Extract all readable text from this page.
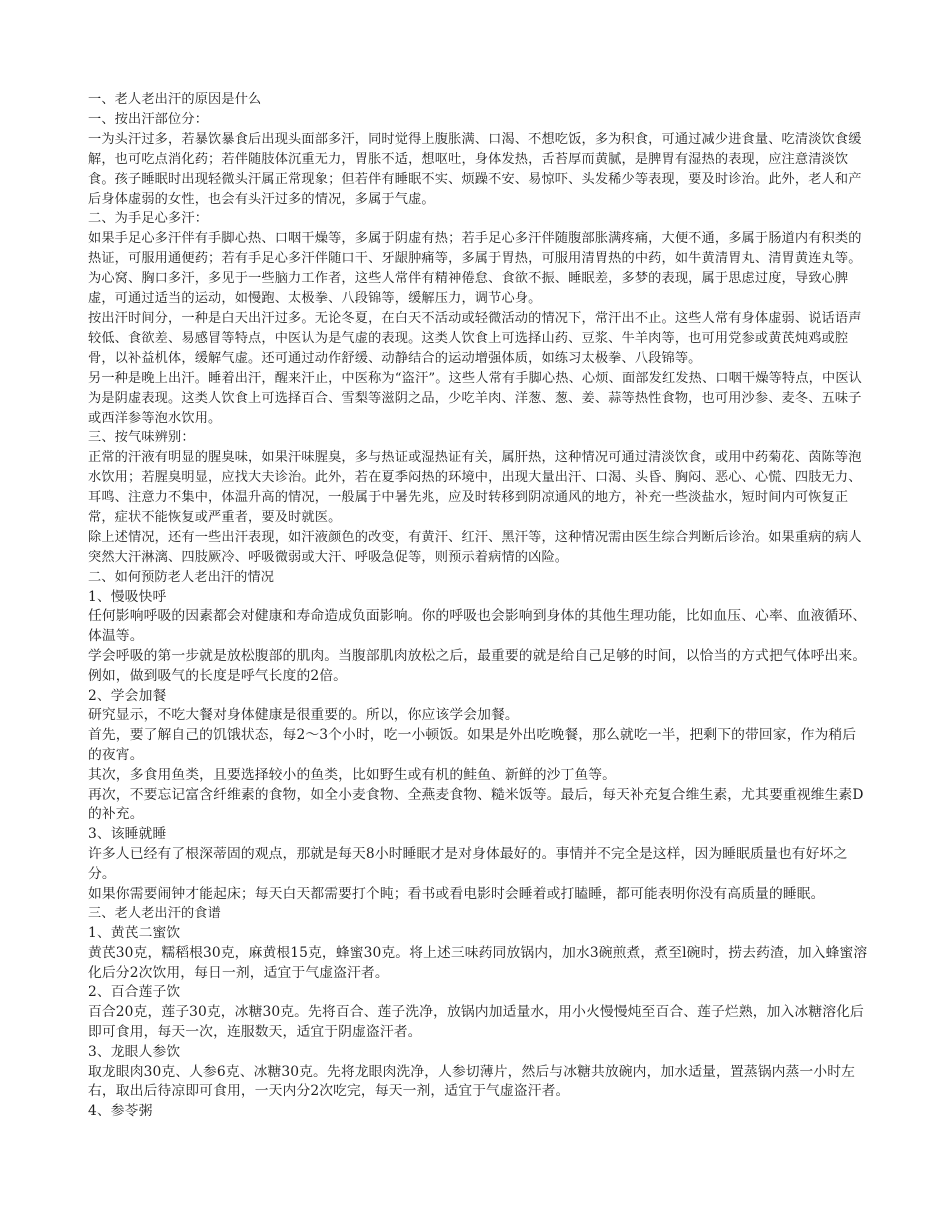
一、老人老出汗的原因是什么

一、按出汗部位分：

一为头汗过多，若暴饮暴食后出现头面部多汗，同时觉得上腹胀满、口渴、不想吃饭，多为积食，可通过减少进食量、吃清淡饮食缓解，也可吃点消化药；若伴随肢体沉重无力，胃胀不适，想呕吐，身体发热，舌苔厚而黄腻，是脾胃有湿热的表现，应注意清淡饮食。孩子睡眠时出现轻微头汗属正常现象；但若伴有睡眠不实、烦躁不安、易惊吓、头发稀少等表现，要及时诊治。此外，老人和产后身体虚弱的女性，也会有头汗过多的情况，多属于气虚。

二、为手足心多汗：

如果手足心多汗伴有手脚心热、口咽干燥等，多属于阴虚有热；若手足心多汗伴随腹部胀满疼痛，大便不通，多属于肠道内有积类的热证，可服用通便药；若有手足心多汗伴随口干、牙龈肿痛等，多属于胃热，可服用清胃热的中药，如牛黄清胃丸、清胃黄连丸等。

为心窝、胸口多汗，多见于一些脑力工作者，这些人常伴有精神倦怠、食欲不振、睡眠差，多梦的表现，属于思虑过度，导致心脾虚，可通过适当的运动，如慢跑、太极拳、八段锦等，缓解压力，调节心身。

按出汗时间分，一种是白天出汗过多。无论冬夏，在白天不活动或轻微活动的情况下，常汗出不止。这些人常有身体虚弱、说话语声较低、食欲差、易感冒等特点，中医认为是气虚的表现。这类人饮食上可选择山药、豆浆、牛羊肉等，也可用党参或黄芪炖鸡或腔骨，以补益机体，缓解气虚。还可通过动作舒缓、动静结合的运动增强体质，如练习太极拳、八段锦等。

另一种是晚上出汗。睡着出汗，醒来汗止，中医称为“盗汗”。这些人常有手脚心热、心烦、面部发红发热、口咽干燥等特点，中医认为是阴虚表现。这类人饮食上可选择百合、雪梨等滋阴之品，少吃羊肉、洋葱、葱、姜、蒜等热性食物，也可用沙参、麦冬、五味子或西洋参等泡水饮用。

三、按气味辨别：

正常的汗液有明显的腥臭味，如果汗味腥臭，多与热证或湿热证有关，属肝热，这种情况可通过清淡饮食，或用中药菊花、茵陈等泡水饮用；若腥臭明显，应找大夫诊治。此外，若在夏季闷热的环境中，出现大量出汗、口渴、头昏、胸闷、恶心、心慌、四肢无力、耳鸣、注意力不集中，体温升高的情况，一般属于中暑先兆，应及时转移到阴凉通风的地方，补充一些淡盐水，短时间内可恢复正常，症状不能恢复或严重者，要及时就医。

除上述情况，还有一些出汗表现，如汗液颜色的改变，有黄汗、红汗、黑汗等，这种情况需由医生综合判断后诊治。如果重病的病人突然大汗淋漓、四肢厥冷、呼吸微弱或大汗、呼吸急促等，则预示着病情的凶险。

二、如何预防老人老出汗的情况

1、慢吸快呼

任何影响呼吸的因素都会对健康和寿命造成负面影响。你的呼吸也会影响到身体的其他生理功能，比如血压、心率、血液循环、体温等。

学会呼吸的第一步就是放松腹部的肌肉。当腹部肌肉放松之后，最重要的就是给自己足够的时间，以恰当的方式把气体呼出来。例如，做到吸气的长度是呼气长度的2倍。

2、学会加餐

研究显示，不吃大餐对身体健康是很重要的。所以，你应该学会加餐。

首先，要了解自己的饥饿状态，每2～3个小时，吃一小顿饭。如果是外出吃晚餐，那么就吃一半，把剩下的带回家，作为稍后的夜宵。

其次，多食用鱼类，且要选择较小的鱼类，比如野生或有机的鲑鱼、新鲜的沙丁鱼等。

再次，不要忘记富含纤维素的食物，如全小麦食物、全燕麦食物、糙米饭等。最后，每天补充复合维生素，尤其要重视维生素D的补充。

3、该睡就睡

许多人已经有了根深蒂固的观点，那就是每天8小时睡眠才是对身体最好的。事情并不完全是这样，因为睡眠质量也有好坏之分。

如果你需要闹钟才能起床；每天白天都需要打个盹；看书或看电影时会睡着或打瞌睡，都可能表明你没有高质量的睡眠。

三、老人老出汗的食谱

1、黄芪二蜜饮

黄芪30克，糯稻根30克，麻黄根15克，蜂蜜30克。将上述三味药同放锅内，加水3碗煎煮，煮至l碗时，捞去药渣，加入蜂蜜溶化后分2次饮用，每日一剂，适宜于气虚盗汗者。

2、百合莲子饮

百合20克，莲子30克，冰糖30克。先将百合、莲子洗净，放锅内加适量水，用小火慢慢炖至百合、莲子烂熟，加入冰糖溶化后即可食用，每天一次，连服数天，适宜于阴虚盗汗者。

3、龙眼人参饮

取龙眼肉30克、人参6克、冰糖30克。先将龙眼肉洗净，人参切薄片，然后与冰糖共放碗内，加水适量，置蒸锅内蒸一小时左右，取出后待凉即可食用，一天内分2次吃完，每天一剂，适宜于气虚盗汗者。

4、参苓粥
